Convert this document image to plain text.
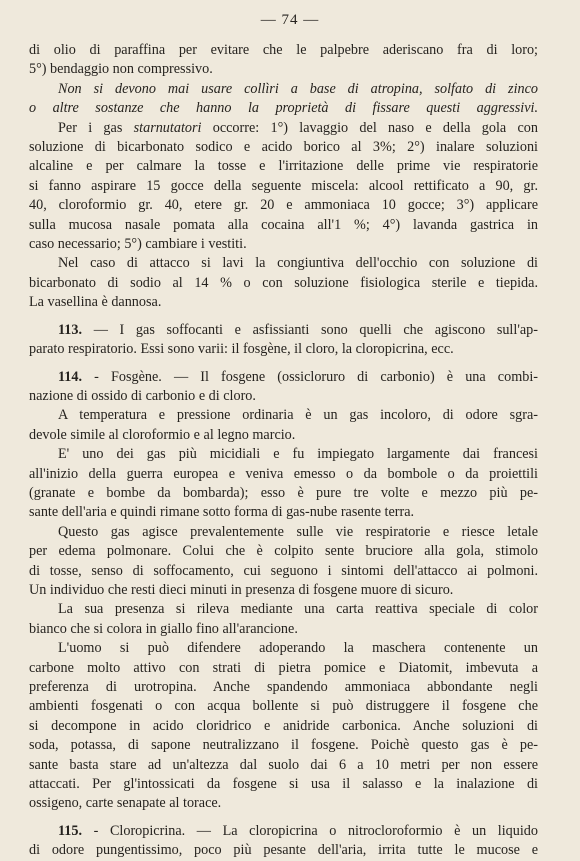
— 74 —

di olio di paraffina per evitare che le palpebre aderiscano fra di loro;

5°) bendaggio non compressivo.

Non si devono mai usare collìri a base di atropina, solfato di zinco

o altre sostanze che hanno la proprietà di fissare questi aggressivi.

Per i gas starnutatori occorre: 1°) lavaggio del naso e della gola con

soluzione di bicarbonato sodico e acido borico al 3%; 2°) inalare soluzioni

alcaline e per calmare la tosse e l'irritazione delle prime vie respiratorie

si fanno aspirare 15 gocce della seguente miscela: alcool rettificato a 90, gr.

40, cloroformio gr. 40, etere gr. 20 e ammoniaca 10 gocce; 3°) applicare

sulla mucosa nasale pomata alla cocaina all'1 %; 4°) lavanda gastrica in

caso necessario; 5°) cambiare i vestiti.

Nel caso di attacco si lavi la congiuntiva dell'occhio con soluzione di

bicarbonato di sodio al 14 % o con soluzione fisiologica sterile e tiepida.

La vasellina è dannosa.

113. — I gas soffocanti e asfissianti sono quelli che agiscono sull'ap-

parato respiratorio. Essi sono varii: il fosgène, il cloro, la cloropicrina, ecc.

114. - Fosgène. — Il fosgene (ossicloruro di carbonio) è una combi-

nazione di ossido di carbonio e di cloro.

A temperatura e pressione ordinaria è un gas incoloro, di odore sgra-

devole simile al cloroformio e al legno marcio.

E' uno dei gas più micidiali e fu impiegato largamente dai francesi

all'inizio della guerra europea e veniva emesso o da bombole o da proiettili

(granate e bombe da bombarda); esso è pure tre volte e mezzo più pe-

sante dell'aria e quindi rimane sotto forma di gas-nube rasente terra.

Questo gas agisce prevalentemente sulle vie respiratorie e riesce letale

per edema polmonare. Colui che è colpito sente bruciore alla gola, stimolo

di tosse, senso di soffocamento, cui seguono i sintomi dell'attacco ai polmoni.

Un individuo che resti dieci minuti in presenza di fosgene muore di sicuro.

La sua presenza si rileva mediante una carta reattiva speciale di color

bianco che si colora in giallo fino all'arancione.

L'uomo si può difendere adoperando la maschera contenente un

carbone molto attivo con strati di pietra pomice e Diatomit, imbevuta a

preferenza di urotropina. Anche spandendo ammoniaca abbondante negli

ambienti fosgenati o con acqua bollente si può distruggere il fosgene che

si decompone in acido cloridrico e anidride carbonica. Anche soluzioni di

soda, potassa, di sapone neutralizzano il fosgene. Poichè questo gas è pe-

sante basta stare ad un'altezza dal suolo dai 6 a 10 metri per non essere

attaccati. Per gl'intossicati da fosgene si usa il salasso e la inalazione di

ossigeno, carte senapate al torace.

115. - Cloropicrina. — La cloropicrina o nitrocloroformio è un liquido

di odore pungentissimo, poco più pesante dell'aria, irrita tutte le mucose e
